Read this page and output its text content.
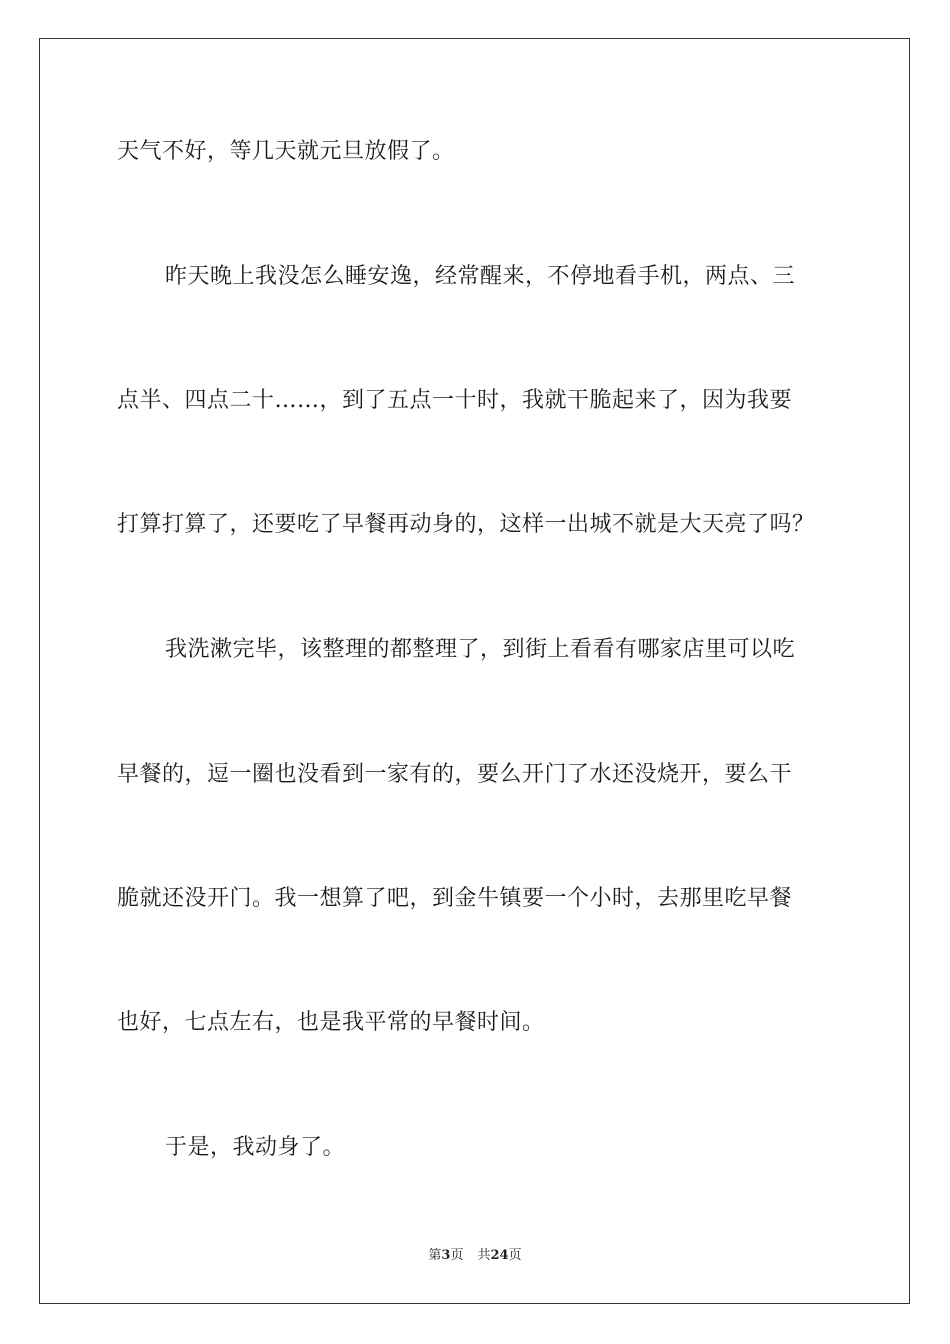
天气不好，等几天就元旦放假了。
昨天晚上我没怎么睡安逸，经常醒来，不停地看手机，两点、三
点半、四点二十……，到了五点一十时，我就干脆起来了，因为我要
打算打算了，还要吃了早餐再动身的，这样一出城不就是大天亮了吗？
我洗漱完毕，该整理的都整理了，到街上看看有哪家店里可以吃
早餐的，逗一圈也没看到一家有的，要么开门了水还没烧开，要么干
脆就还没开门。我一想算了吧，到金牛镇要一个小时，去那里吃早餐
也好，七点左右，也是我平常的早餐时间。
于是，我动身了。
第3页 共24页
